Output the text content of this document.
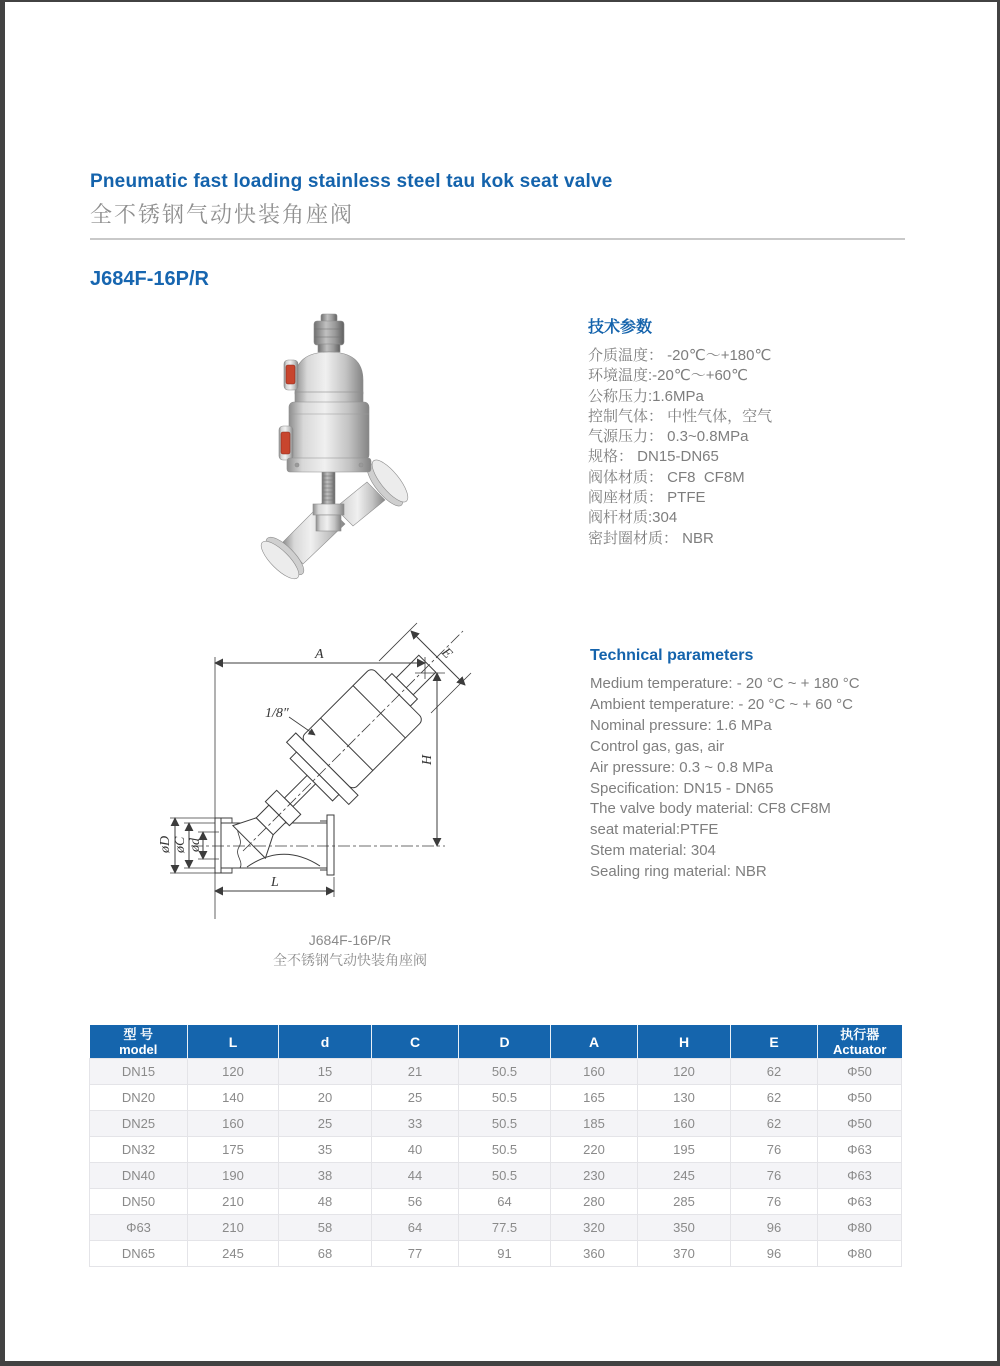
Pneumatic fast loading stainless steel tau kok seat valve
全不锈钢气动快装角座阀
J684F-16P/R
技术参数
介质温度： -20℃～+180℃
环境温度:-20℃～+60℃
公称压力:1.6MPa
控制气体： 中性气体，空气
气源压力： 0.3~0.8MPa
规格： DN15-DN65
阀体材质： CF8  CF8M
阀座材质： PTFE
阀杆材质:304
密封圈材质： NBR
A	E
H
L
øD øC ød
1/8″
J684F-16P/R
全不锈钢气动快装角座阀
Technical parameters
Medium temperature: - 20 °C ~ + 180 °C
Ambient temperature: - 20 °C ~ + 60 °C
Nominal pressure: 1.6 MPa
Control gas, gas, air
Air pressure: 0.3 ~ 0.8 MPa
Specification: DN15 - DN65
The valve body material: CF8 CF8M
seat material:PTFE
Stem material: 304
Sealing ring material: NBR
型 号
model	L	d	C	D	A	H	E	执行器
Actuator

DN15	120	15	21	50.5	160	120	62	Φ50
DN20	140	20	25	50.5	165	130	62	Φ50
DN25	160	25	33	50.5	185	160	62	Φ50
DN32	175	35	40	50.5	220	195	76	Φ63
DN40	190	38	44	50.5	230	245	76	Φ63
DN50	210	48	56	64	280	285	76	Φ63
Φ63	210	58	64	77.5	320	350	96	Φ80
DN65	245	68	77	91	360	370	96	Φ80
